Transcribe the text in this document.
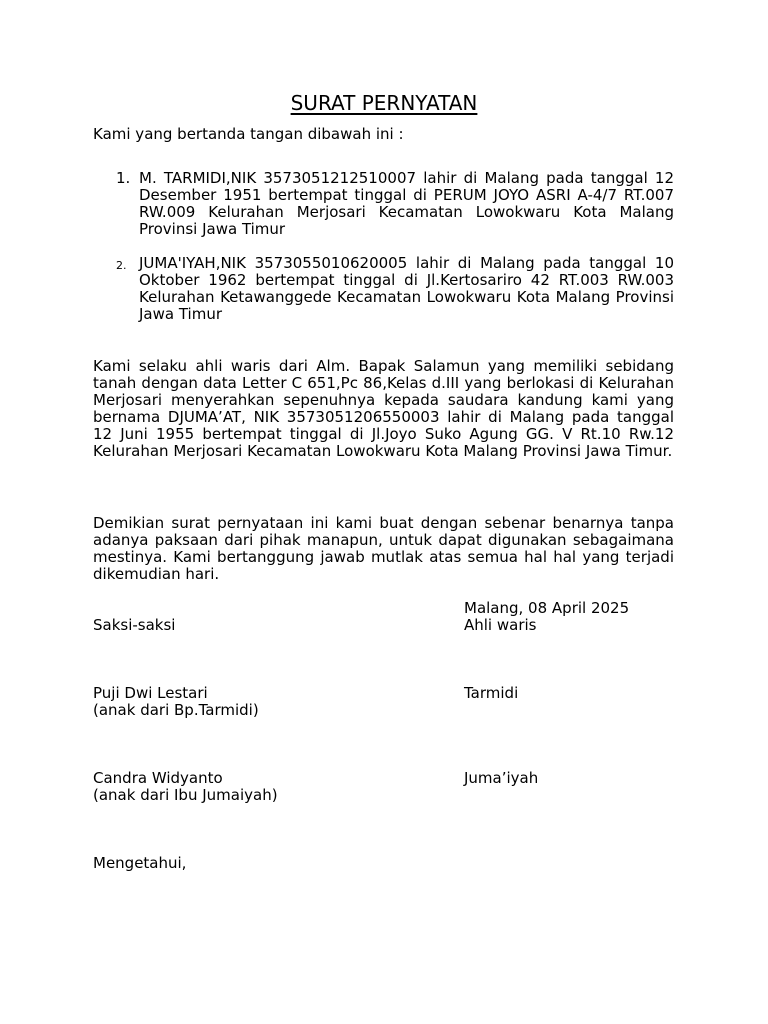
SURAT PERNYATAN

Kami yang bertanda tangan dibawah ini :

1. M. TARMIDI,NIK 3573051212510007 lahir di Malang pada tanggal 12 Desember 1951 bertempat tinggal di PERUM JOYO ASRI A-4/7 RT.007 RW.009 Kelurahan Merjosari Kecamatan Lowokwaru Kota Malang Provinsi Jawa Timur

2. JUMA'IYAH,NIK 3573055010620005 lahir di Malang pada tanggal 10 Oktober 1962 bertempat tinggal di Jl.Kertosariro 42 RT.003 RW.003 Kelurahan Ketawanggede Kecamatan Lowokwaru Kota Malang Provinsi Jawa Timur

Kami selaku ahli waris dari Alm. Bapak Salamun yang memiliki sebidang tanah dengan data Letter C 651,Pc 86,Kelas d.III yang berlokasi di Kelurahan Merjosari menyerahkan sepenuhnya kepada saudara kandung kami yang bernama DJUMA’AT, NIK 3573051206550003 lahir di Malang pada tanggal 12 Juni 1955 bertempat tinggal di Jl.Joyo Suko Agung GG. V Rt.10 Rw.12 Kelurahan Merjosari Kecamatan Lowokwaru Kota Malang Provinsi Jawa Timur.

Demikian surat pernyataan ini kami buat dengan sebenar benarnya tanpa adanya paksaan dari pihak manapun, untuk dapat digunakan sebagaimana mestinya. Kami bertanggung jawab mutlak atas semua hal hal yang terjadi dikemudian hari.

Malang, 08 April 2025

Saksi-saksi	Ahli waris

Puji Dwi Lestari

(anak dari Bp.Tarmidi)

Tarmidi

Candra Widyanto

(anak dari Ibu Jumaiyah)

Juma’iyah

Mengetahui,
